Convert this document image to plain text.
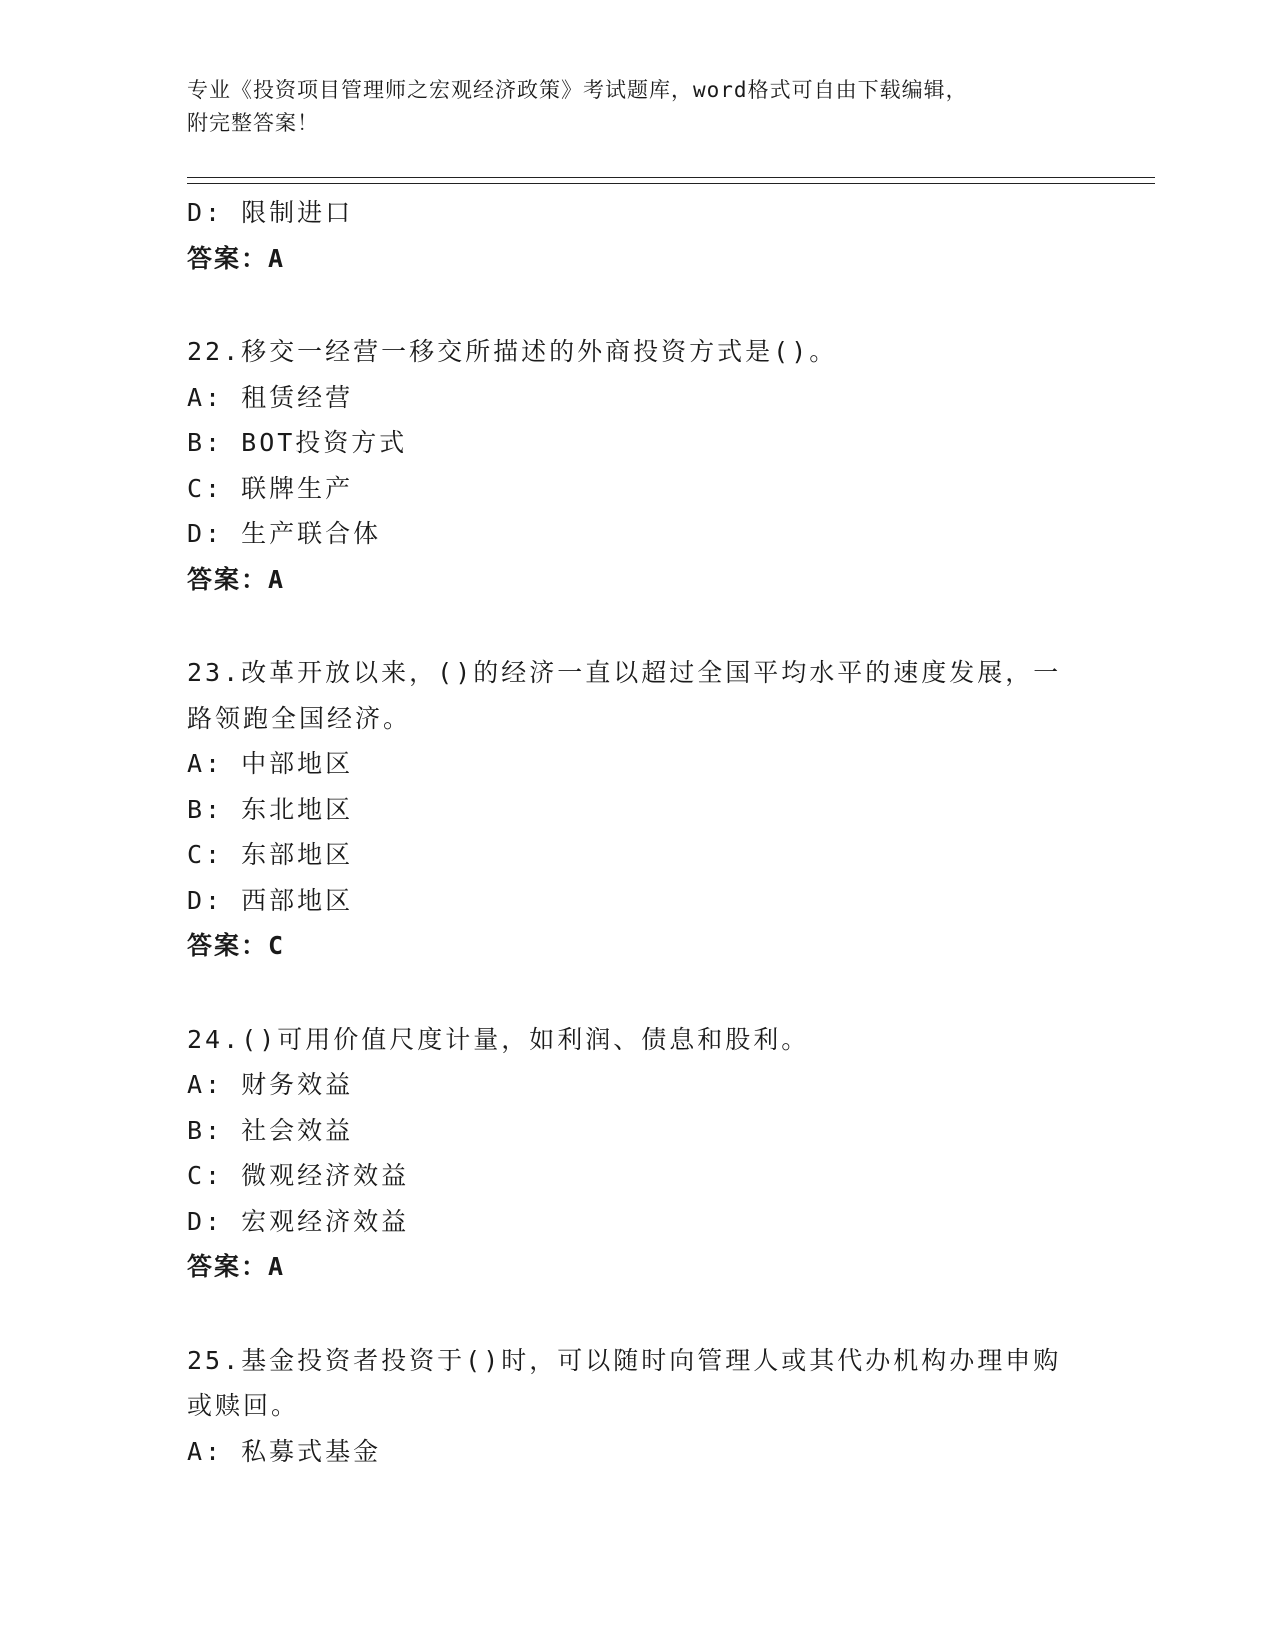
专业《投资项目管理师之宏观经济政策》考试题库，word格式可自由下载编辑，
附完整答案！
D: 限制进口
答案：A
22.移交一经营一移交所描述的外商投资方式是()。
A: 租赁经营
B: BOT投资方式
C: 联牌生产
D: 生产联合体
答案：A
23.改革开放以来，()的经济一直以超过全国平均水平的速度发展，一
路领跑全国经济。
A: 中部地区
B: 东北地区
C: 东部地区
D: 西部地区
答案：C
24.()可用价值尺度计量，如利润、债息和股利。
A: 财务效益
B: 社会效益
C: 微观经济效益
D: 宏观经济效益
答案：A
25.基金投资者投资于()时，可以随时向管理人或其代办机构办理申购
或赎回。
A: 私募式基金
